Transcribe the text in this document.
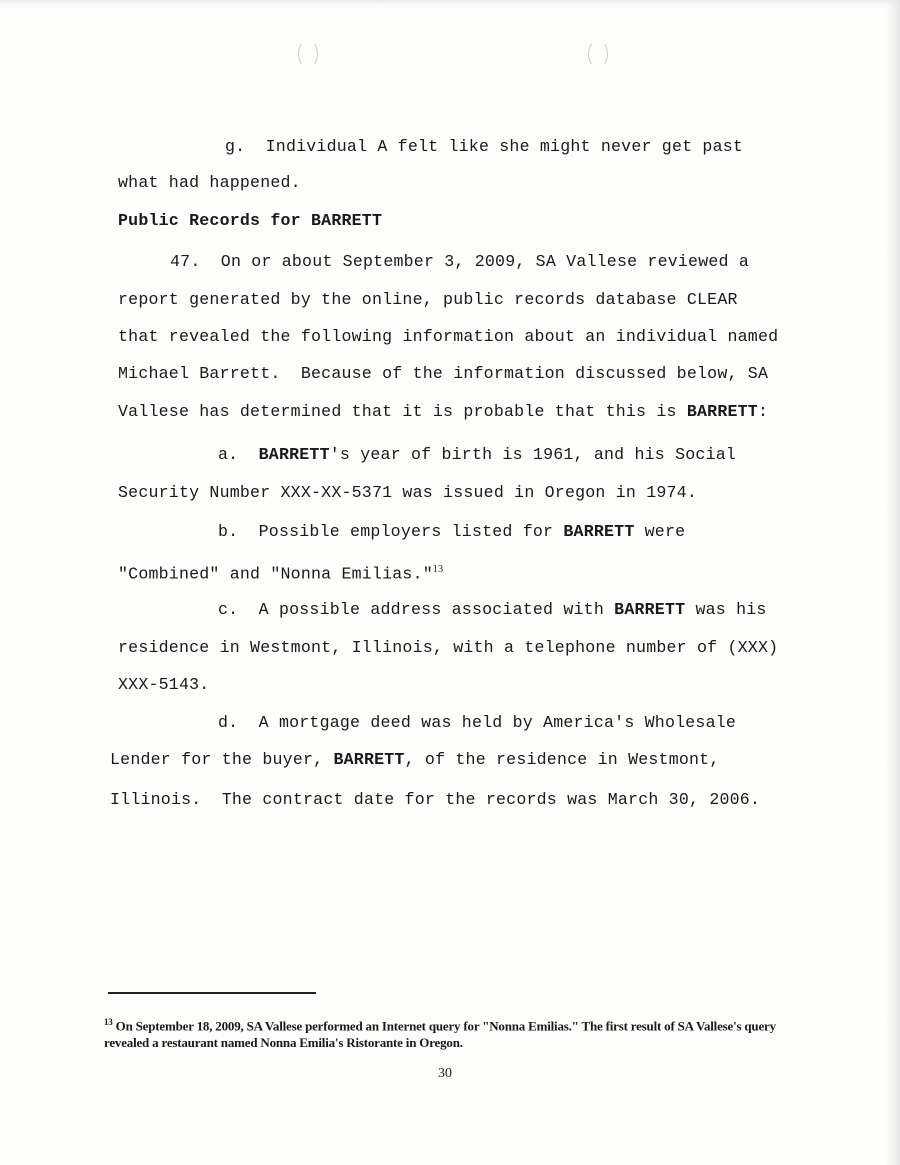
g.  Individual A felt like she might never get past
what had happened.
Public Records for BARRETT
47.  On or about September 3, 2009, SA Vallese reviewed a
report generated by the online, public records database CLEAR
that revealed the following information about an individual named
Michael Barrett.  Because of the information discussed below, SA
Vallese has determined that it is probable that this is BARRETT:
a.  BARRETT's year of birth is 1961, and his Social
Security Number XXX-XX-5371 was issued in Oregon in 1974.
b.  Possible employers listed for BARRETT were
"Combined" and "Nonna Emilias."$^{13}$
c.  A possible address associated with BARRETT was his
residence in Westmont, Illinois, with a telephone number of (XXX)
XXX-5143.
d.  A mortgage deed was held by America's Wholesale
Lender for the buyer, BARRETT, of the residence in Westmont,
Illinois.  The contract date for the records was March 30, 2006.
$^{13}$ On September 18, 2009, SA Vallese performed an Internet query for "Nonna Emilias." The first result of SA Vallese's query revealed a restaurant named Nonna Emilia's Ristorante in Oregon.
30
